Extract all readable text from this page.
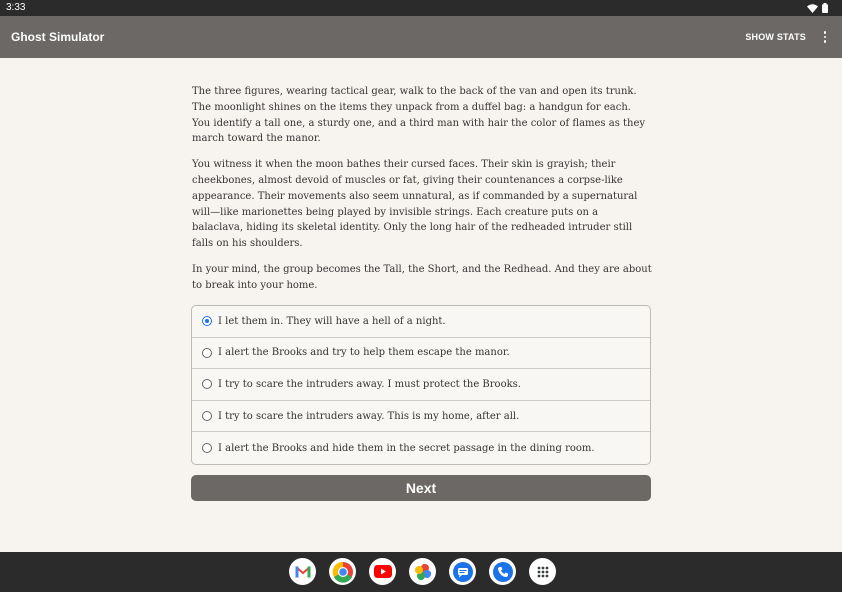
3:33
Ghost Simulator	SHOW STATS

The three figures, wearing tactical gear, walk to the back of the van and open its trunk. The moonlight shines on the items they unpack from a duffel bag: a handgun for each. You identify a tall one, a sturdy one, and a third man with hair the color of flames as they march toward the manor.

You witness it when the moon bathes their cursed faces. Their skin is grayish; their cheekbones, almost devoid of muscles or fat, giving their countenances a corpse-like appearance. Their movements also seem unnatural, as if commanded by a supernatural will—like marionettes being played by invisible strings. Each creature puts on a balaclava, hiding its skeletal identity. Only the long hair of the redheaded intruder still falls on his shoulders.

In your mind, the group becomes the Tall, the Short, and the Redhead. And they are about to break into your home.

I let them in. They will have a hell of a night.
I alert the Brooks and try to help them escape the manor.
I try to scare the intruders away. I must protect the Brooks.
I try to scare the intruders away. This is my home, after all.
I alert the Brooks and hide them in the secret passage in the dining room.
Next
